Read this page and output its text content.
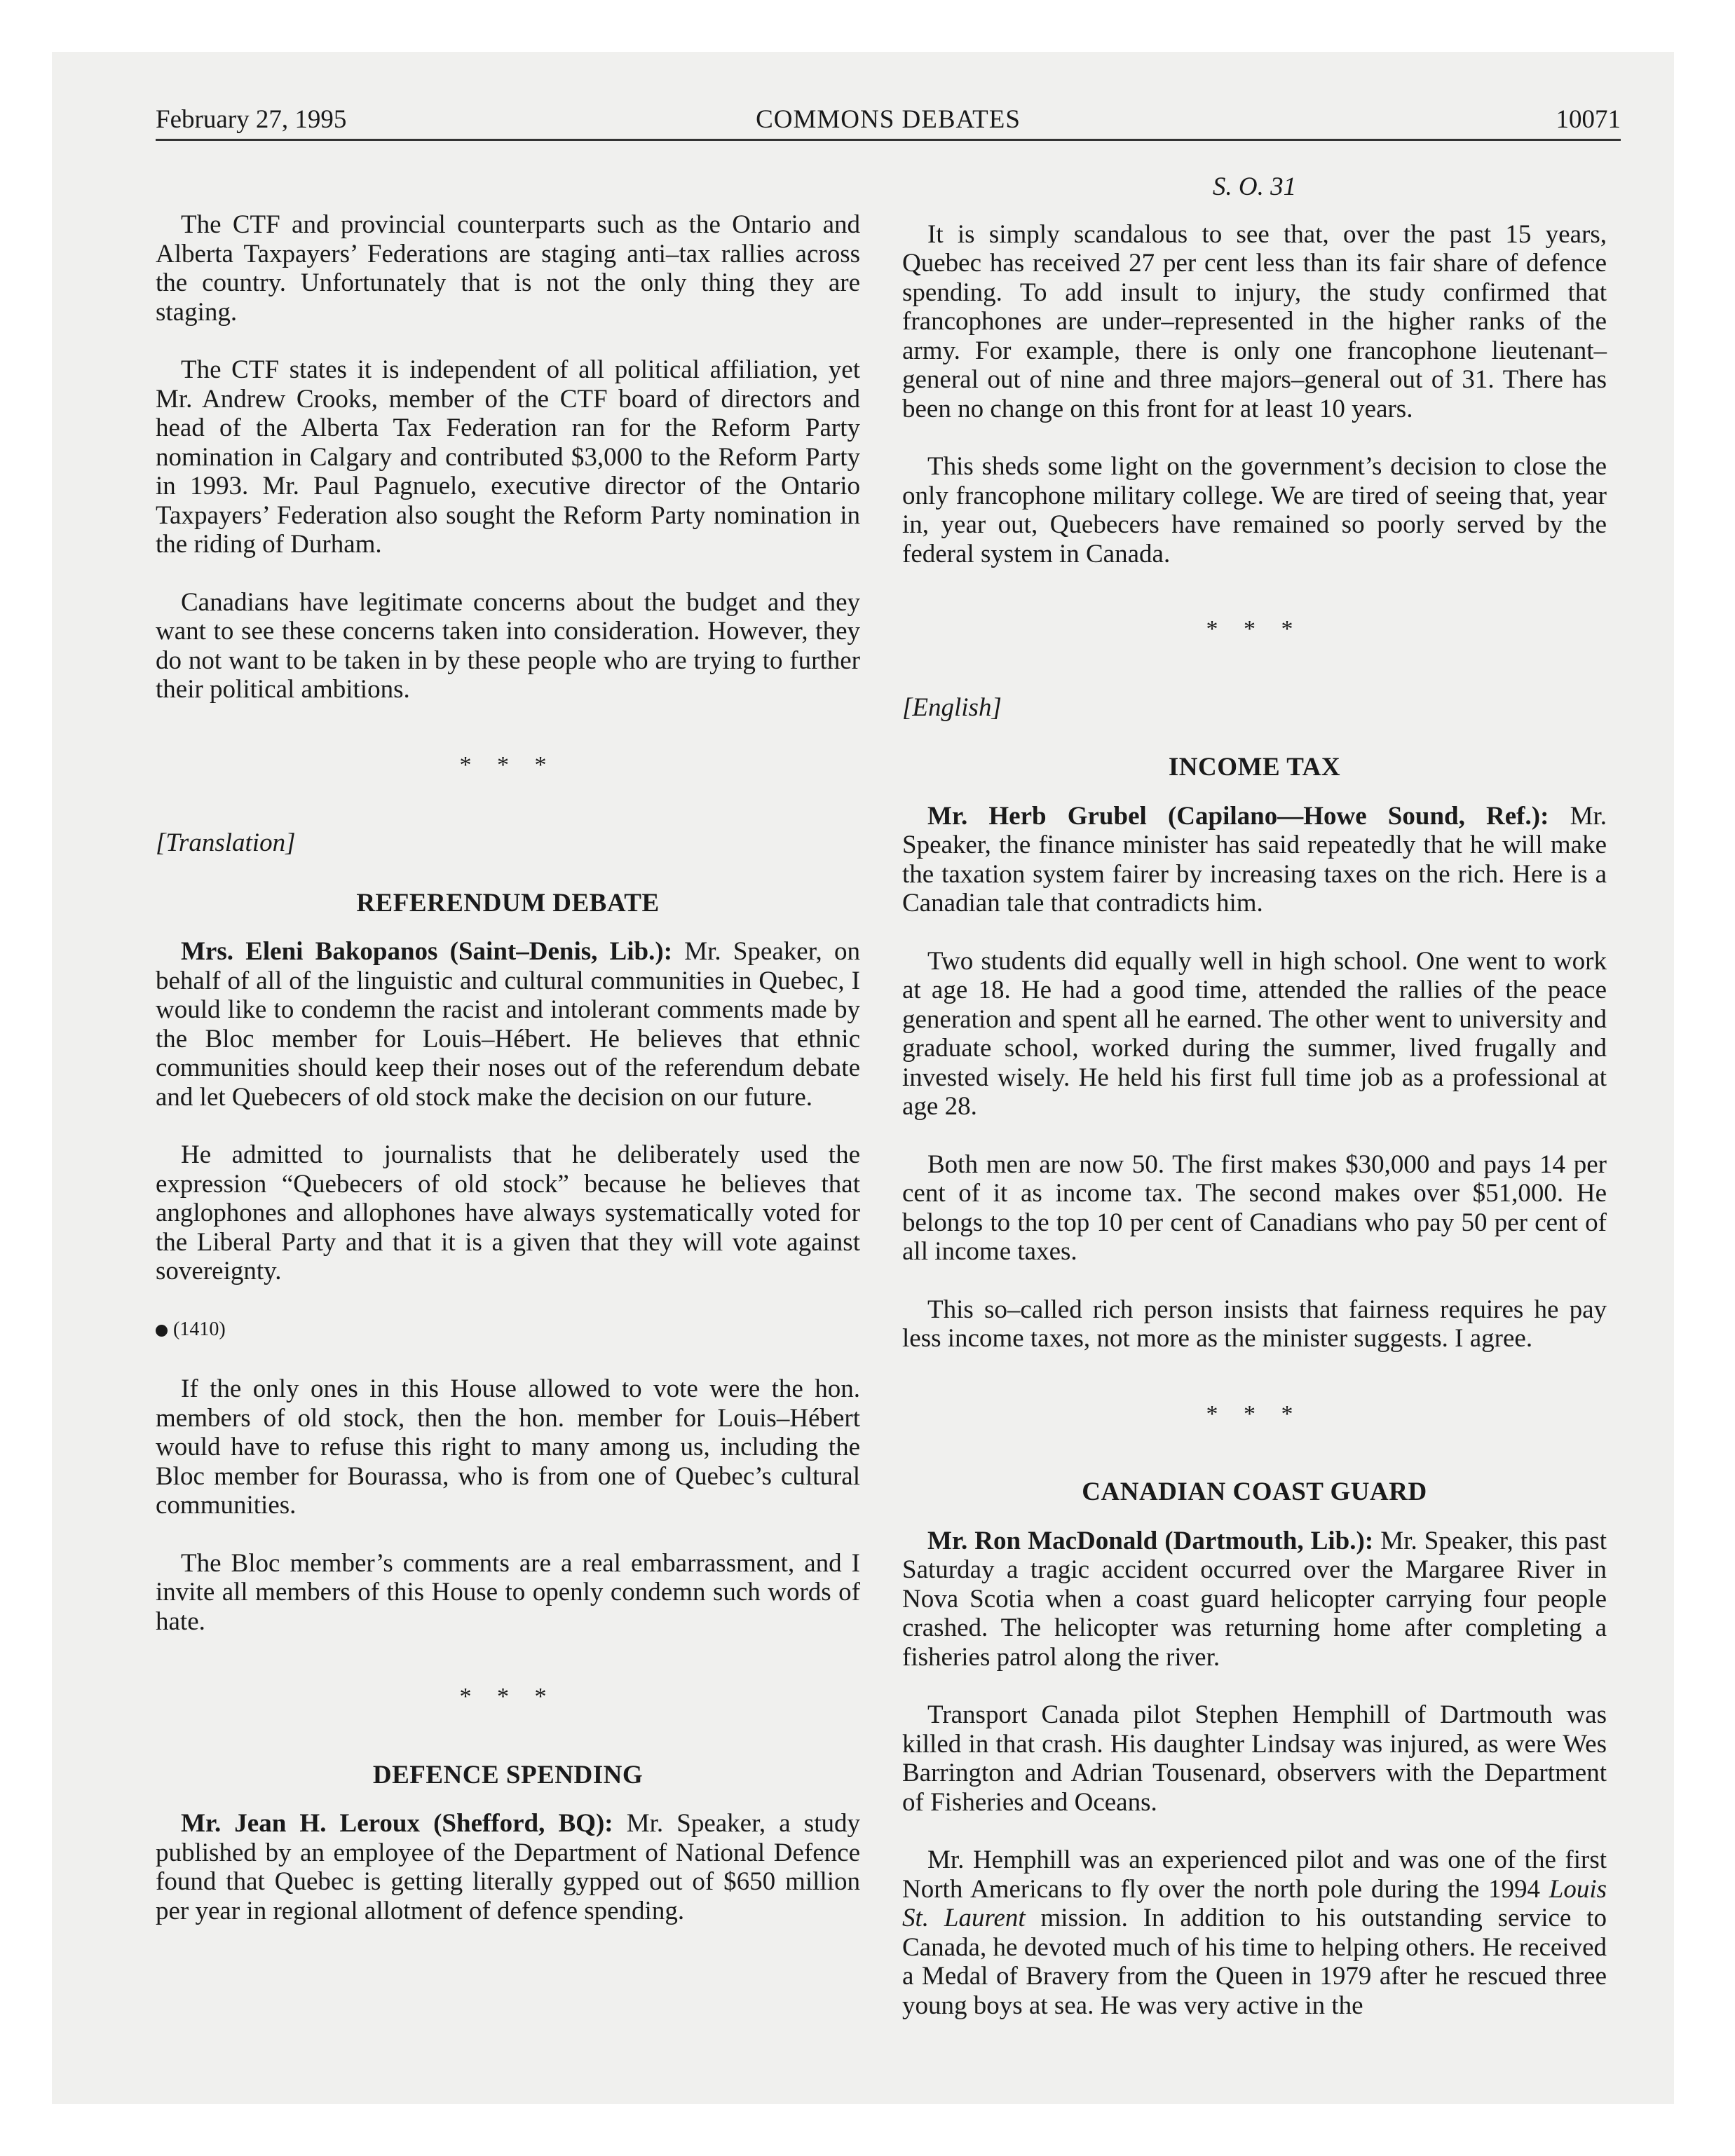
February 27, 1995	COMMONS DEBATES	10071

The CTF and provincial counterparts such as the Ontario and Alberta Taxpayers’ Federations are staging anti–tax rallies across the country. Unfortunately that is not the only thing they are staging.

The CTF states it is independent of all political affiliation, yet Mr. Andrew Crooks, member of the CTF board of directors and head of the Alberta Tax Federation ran for the Reform Party nomination in Calgary and contributed $3,000 to the Reform Party in 1993. Mr. Paul Pagnuelo, executive director of the Ontario Taxpayers’ Federation also sought the Reform Party nomination in the riding of Durham.

Canadians have legitimate concerns about the budget and they want to see these concerns taken into consideration. However, they do not want to be taken in by these people who are trying to further their political ambitions.

* * *

[Translation]

REFERENDUM DEBATE

Mrs. Eleni Bakopanos (Saint–Denis, Lib.): Mr. Speaker, on behalf of all of the linguistic and cultural communities in Quebec, I would like to condemn the racist and intolerant comments made by the Bloc member for Louis–Hébert. He believes that ethnic communities should keep their noses out of the referendum debate and let Quebecers of old stock make the decision on our future.

He admitted to journalists that he deliberately used the expression “Quebecers of old stock” because he believes that anglophones and allophones have always systematically voted for the Liberal Party and that it is a given that they will vote against sovereignty.

(1410)

If the only ones in this House allowed to vote were the hon. members of old stock, then the hon. member for Louis–Hébert would have to refuse this right to many among us, including the Bloc member for Bourassa, who is from one of Quebec’s cultural communities.

The Bloc member’s comments are a real embarrassment, and I invite all members of this House to openly condemn such words of hate.

* * *

DEFENCE SPENDING

Mr. Jean H. Leroux (Shefford, BQ): Mr. Speaker, a study published by an employee of the Department of National Defence found that Quebec is getting literally gypped out of $650 million per year in regional allotment of defence spending.

S. O. 31

It is simply scandalous to see that, over the past 15 years, Quebec has received 27 per cent less than its fair share of defence spending. To add insult to injury, the study confirmed that francophones are under–represented in the higher ranks of the army. For example, there is only one francophone lieutenant–general out of nine and three majors–general out of 31. There has been no change on this front for at least 10 years.

This sheds some light on the government’s decision to close the only francophone military college. We are tired of seeing that, year in, year out, Quebecers have remained so poorly served by the federal system in Canada.

* * *

[English]

INCOME TAX

Mr. Herb Grubel (Capilano—Howe Sound, Ref.): Mr. Speaker, the finance minister has said repeatedly that he will make the taxation system fairer by increasing taxes on the rich. Here is a Canadian tale that contradicts him.

Two students did equally well in high school. One went to work at age 18. He had a good time, attended the rallies of the peace generation and spent all he earned. The other went to university and graduate school, worked during the summer, lived frugally and invested wisely. He held his first full time job as a professional at age 28.

Both men are now 50. The first makes $30,000 and pays 14 per cent of it as income tax. The second makes over $51,000. He belongs to the top 10 per cent of Canadians who pay 50 per cent of all income taxes.

This so–called rich person insists that fairness requires he pay less income taxes, not more as the minister suggests. I agree.

* * *

CANADIAN COAST GUARD

Mr. Ron MacDonald (Dartmouth, Lib.): Mr. Speaker, this past Saturday a tragic accident occurred over the Margaree River in Nova Scotia when a coast guard helicopter carrying four people crashed. The helicopter was returning home after completing a fisheries patrol along the river.

Transport Canada pilot Stephen Hemphill of Dartmouth was killed in that crash. His daughter Lindsay was injured, as were Wes Barrington and Adrian Tousenard, observers with the Department of Fisheries and Oceans.

Mr. Hemphill was an experienced pilot and was one of the first North Americans to fly over the north pole during the 1994 Louis St. Laurent mission. In addition to his outstanding service to Canada, he devoted much of his time to helping others. He received a Medal of Bravery from the Queen in 1979 after he rescued three young boys at sea. He was very active in the
